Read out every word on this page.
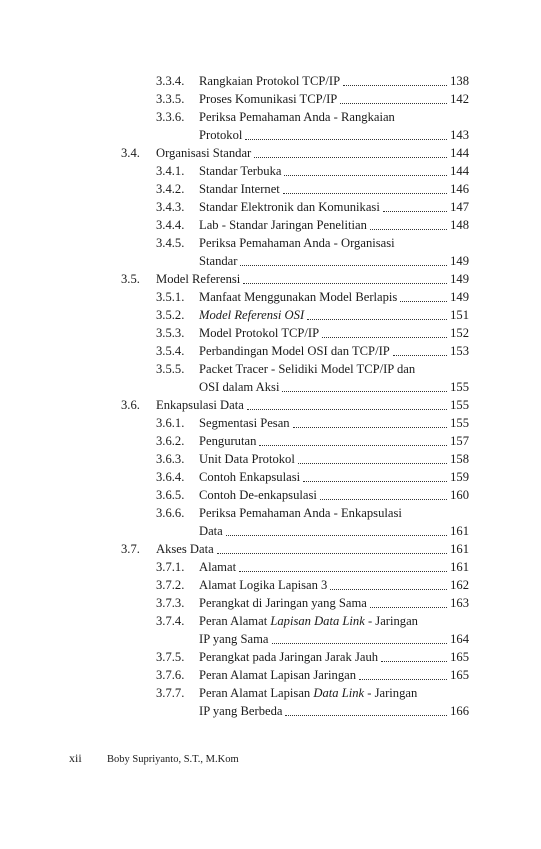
3.3.4. Rangkaian Protokol TCP/IP	138
3.3.5. Proses Komunikasi TCP/IP	142
3.3.6. Periksa Pemahaman Anda - Rangkaian
Protokol	143
3.4. Organisasi Standar	144
3.4.1. Standar Terbuka	144
3.4.2. Standar Internet	146
3.4.3. Standar Elektronik dan Komunikasi	147
3.4.4. Lab - Standar Jaringan Penelitian	148
3.4.5. Periksa Pemahaman Anda - Organisasi
Standar	149
3.5. Model Referensi	149
3.5.1. Manfaat Menggunakan Model Berlapis	149
3.5.2. Model Referensi OSI	151
3.5.3. Model Protokol TCP/IP	152
3.5.4. Perbandingan Model OSI dan TCP/IP	153
3.5.5. Packet Tracer - Selidiki Model TCP/IP dan
OSI dalam Aksi	155
3.6. Enkapsulasi Data	155
3.6.1. Segmentasi Pesan	155
3.6.2. Pengurutan	157
3.6.3. Unit Data Protokol	158
3.6.4. Contoh Enkapsulasi	159
3.6.5. Contoh De-enkapsulasi	160
3.6.6. Periksa Pemahaman Anda - Enkapsulasi
Data	161
3.7. Akses Data	161
3.7.1. Alamat	161
3.7.2. Alamat Logika Lapisan 3	162
3.7.3. Perangkat di Jaringan yang Sama	163
3.7.4. Peran Alamat Lapisan Data Link - Jaringan
IP yang Sama	164
3.7.5. Perangkat pada Jaringan Jarak Jauh	165
3.7.6. Peran Alamat Lapisan Jaringan	165
3.7.7. Peran Alamat Lapisan Data Link - Jaringan
IP yang Berbeda	166
xii Boby Supriyanto, S.T., M.Kom
